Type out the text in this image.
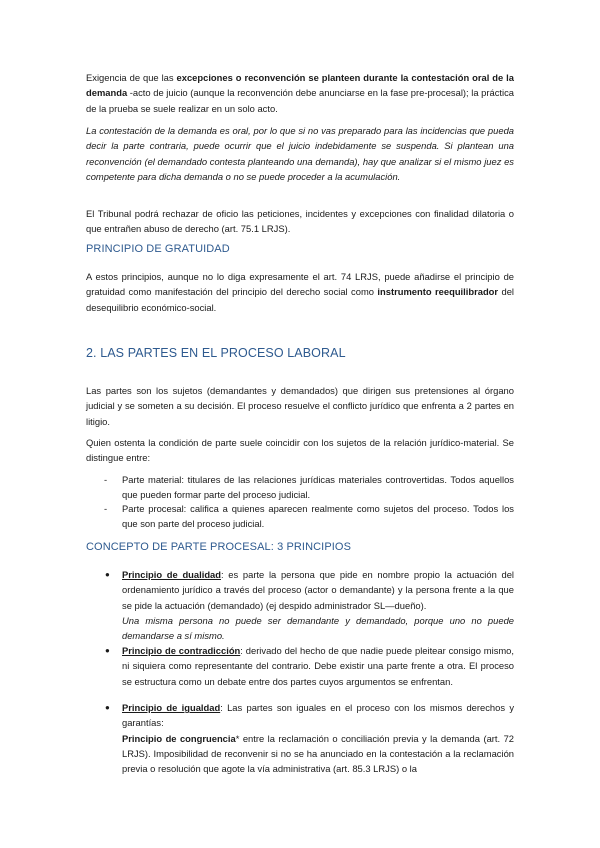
Exigencia de que las excepciones o reconvención se planteen durante la contestación oral de la demanda -acto de juicio (aunque la reconvención debe anunciarse en la fase pre-procesal); la práctica de la prueba se suele realizar en un solo acto.

La contestación de la demanda es oral, por lo que si no vas preparado para las incidencias que pueda decir la parte contraria, puede ocurrir que el juicio indebidamente se suspenda. Si plantean una reconvención (el demandado contesta planteando una demanda), hay que analizar si el mismo juez es competente para dicha demanda o no se puede proceder a la acumulación.

El Tribunal podrá rechazar de oficio las peticiones, incidentes y excepciones con finalidad dilatoria o que entrañen abuso de derecho (art. 75.1 LRJS).

PRINCIPIO DE GRATUIDAD

A estos principios, aunque no lo diga expresamente el art. 74 LRJS, puede añadirse el principio de gratuidad como manifestación del principio del derecho social como instrumento reequilibrador del desequilibrio económico-social.

2. LAS PARTES EN EL PROCESO LABORAL

Las partes son los sujetos (demandantes y demandados) que dirigen sus pretensiones al órgano judicial y se someten a su decisión. El proceso resuelve el conflicto jurídico que enfrenta a 2 partes en litigio.

Quien ostenta la condición de parte suele coincidir con los sujetos de la relación jurídico-material. Se distingue entre:

- Parte material: titulares de las relaciones jurídicas materiales controvertidas. Todos aquellos que pueden formar parte del proceso judicial.

- Parte procesal: califica a quienes aparecen realmente como sujetos del proceso. Todos los que son parte del proceso judicial.

CONCEPTO DE PARTE PROCESAL: 3 PRINCIPIOS
● Principio de dualidad: es parte la persona que pide en nombre propio la actuación del ordenamiento jurídico a través del proceso (actor o demandante) y la persona frente a la que se pide la actuación (demandado) (ej despido administrador SL—dueño).
Una misma persona no puede ser demandante y demandado, porque uno no puede demandarse a sí mismo.

● Principio de contradicción: derivado del hecho de que nadie puede pleitear consigo mismo, ni siquiera como representante del contrario. Debe existir una parte frente a otra. El proceso se estructura como un debate entre dos partes cuyos argumentos se enfrentan.

● Principio de igualdad: Las partes son iguales en el proceso con los mismos derechos y garantías:
Principio de congruencia* entre la reclamación o conciliación previa y la demanda (art. 72 LRJS). Imposibilidad de reconvenir si no se ha anunciado en la contestación a la reclamación previa o resolución que agote la vía administrativa (art. 85.3 LRJS) o la
